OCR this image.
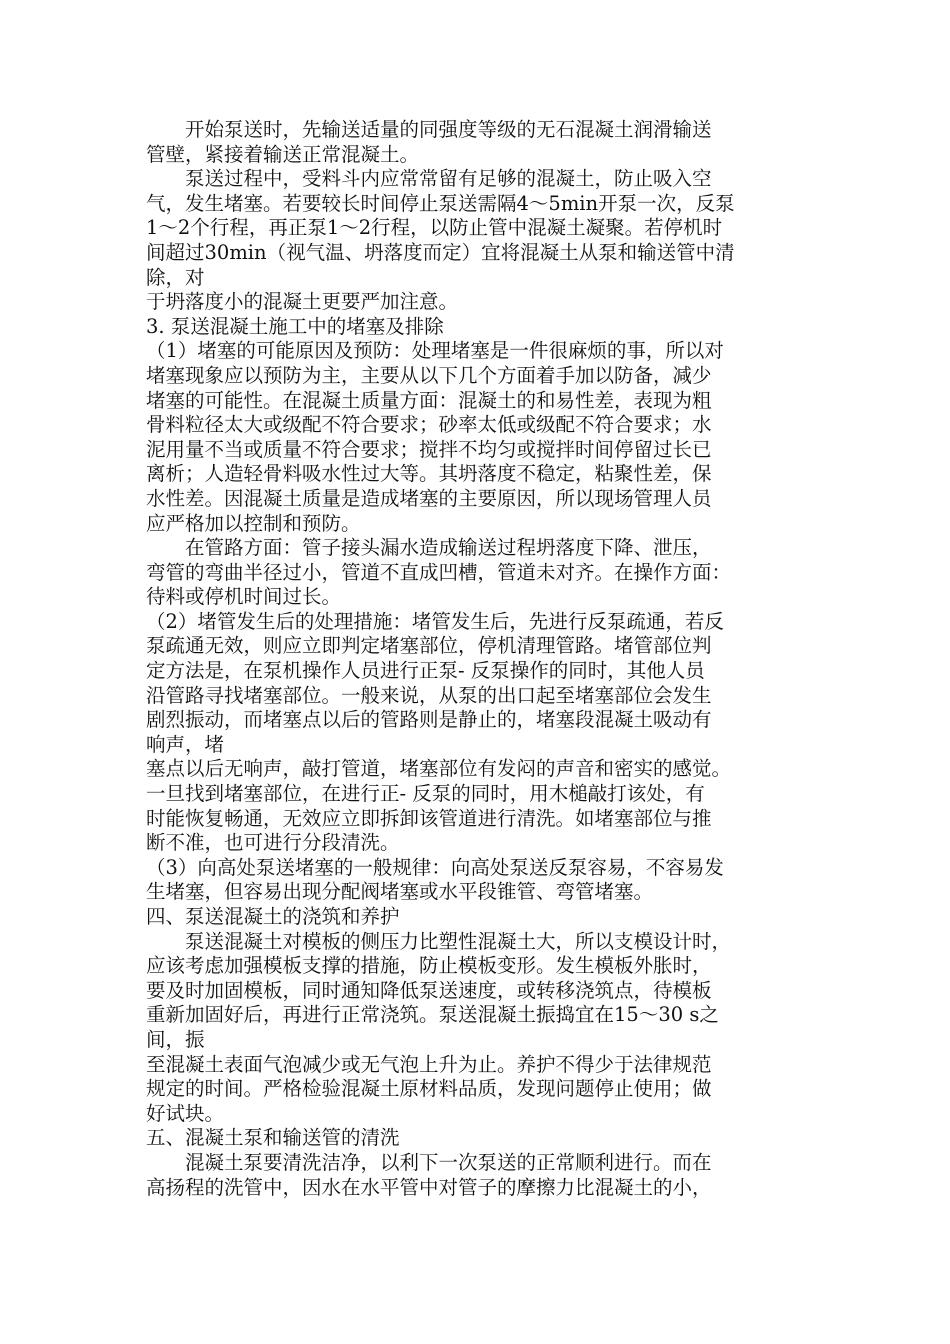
开始泵送时，先输送适量的同强度等级的无石混凝土润滑输送
管壁，紧接着输送正常混凝土。
泵送过程中，受料斗内应常常留有足够的混凝土，防止吸入空
气，发生堵塞。若要较长时间停止泵送需隔4～5min开泵一次，反泵
1～2个行程，再正泵1～2行程，以防止管中混凝土凝聚。若停机时
间超过30min（视气温、坍落度而定）宜将混凝土从泵和输送管中清
除，对
于坍落度小的混凝土更要严加注意。
3. 泵送混凝土施工中的堵塞及排除
（1）堵塞的可能原因及预防：处理堵塞是一件很麻烦的事，所以对
堵塞现象应以预防为主，主要从以下几个方面着手加以防备，减少
堵塞的可能性。在混凝土质量方面：混凝土的和易性差，表现为粗
骨料粒径太大或级配不符合要求；砂率太低或级配不符合要求；水
泥用量不当或质量不符合要求；搅拌不均匀或搅拌时间停留过长已
离析；人造轻骨料吸水性过大等。其坍落度不稳定，粘聚性差，保
水性差。因混凝土质量是造成堵塞的主要原因，所以现场管理人员
应严格加以控制和预防。
在管路方面：管子接头漏水造成输送过程坍落度下降、泄压，
弯管的弯曲半径过小，管道不直成凹槽，管道未对齐。在操作方面：
待料或停机时间过长。
（2）堵管发生后的处理措施：堵管发生后，先进行反泵疏通，若反
泵疏通无效，则应立即判定堵塞部位，停机清理管路。堵管部位判
定方法是，在泵机操作人员进行正泵- 反泵操作的同时，其他人员
沿管路寻找堵塞部位。一般来说，从泵的出口起至堵塞部位会发生
剧烈振动，而堵塞点以后的管路则是静止的，堵塞段混凝土吸动有
响声，堵
塞点以后无响声，敲打管道，堵塞部位有发闷的声音和密实的感觉。
一旦找到堵塞部位，在进行正- 反泵的同时，用木槌敲打该处，有
时能恢复畅通，无效应立即拆卸该管道进行清洗。如堵塞部位与推
断不准，也可进行分段清洗。
（3）向高处泵送堵塞的一般规律：向高处泵送反泵容易，不容易发
生堵塞，但容易出现分配阀堵塞或水平段锥管、弯管堵塞。
四、泵送混凝土的浇筑和养护
泵送混凝土对模板的侧压力比塑性混凝土大，所以支模设计时，
应该考虑加强模板支撑的措施，防止模板变形。发生模板外胀时，
要及时加固模板，同时通知降低泵送速度，或转移浇筑点，待模板
重新加固好后，再进行正常浇筑。泵送混凝土振捣宜在15～30 s之
间，振
至混凝土表面气泡减少或无气泡上升为止。养护不得少于法律规范
规定的时间。严格检验混凝土原材料品质，发现问题停止使用；做
好试块。
五、混凝土泵和输送管的清洗
混凝土泵要清洗洁净，以利下一次泵送的正常顺利进行。而在
高扬程的洗管中，因水在水平管中对管子的摩擦力比混凝土的小，
